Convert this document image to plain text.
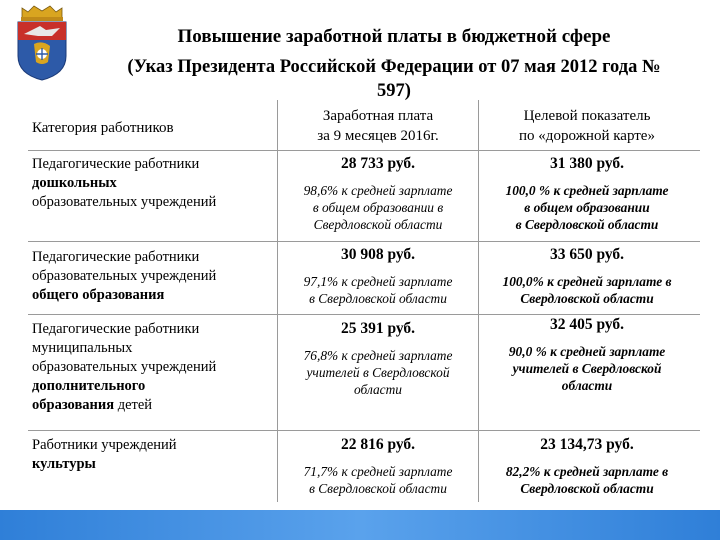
Повышение заработной платы в бюджетной сфере
(Указ Президента Российской Федерации от 07 мая 2012 года №
597)
Категория работников
Заработная плата
за 9 месяцев 2016г.
Целевой показатель
по «дорожной карте»
Педагогические работники
дошкольных
образовательных учреждений
28 733 руб.
98,6% к средней зарплате
в общем образовании в
Свердловской области
31 380 руб.
100,0 % к средней зарплате
в общем образовании
в Свердловской области
Педагогические работники
образовательных учреждений
общего образования
30 908 руб.
97,1% к средней зарплате
в Свердловской области
33 650 руб.
100,0% к средней зарплате в
Свердловской области
Педагогические работники
муниципальных
образовательных учреждений
дополнительного
образования детей
25 391 руб.
76,8% к средней зарплате
учителей в Свердловской
области
32 405 руб.
90,0 % к средней зарплате
учителей в Свердловской
области
Работники учреждений
культуры
22 816 руб.
71,7% к средней зарплате
в Свердловской области
23 134,73 руб.
82,2% к средней зарплате в
Свердловской области
